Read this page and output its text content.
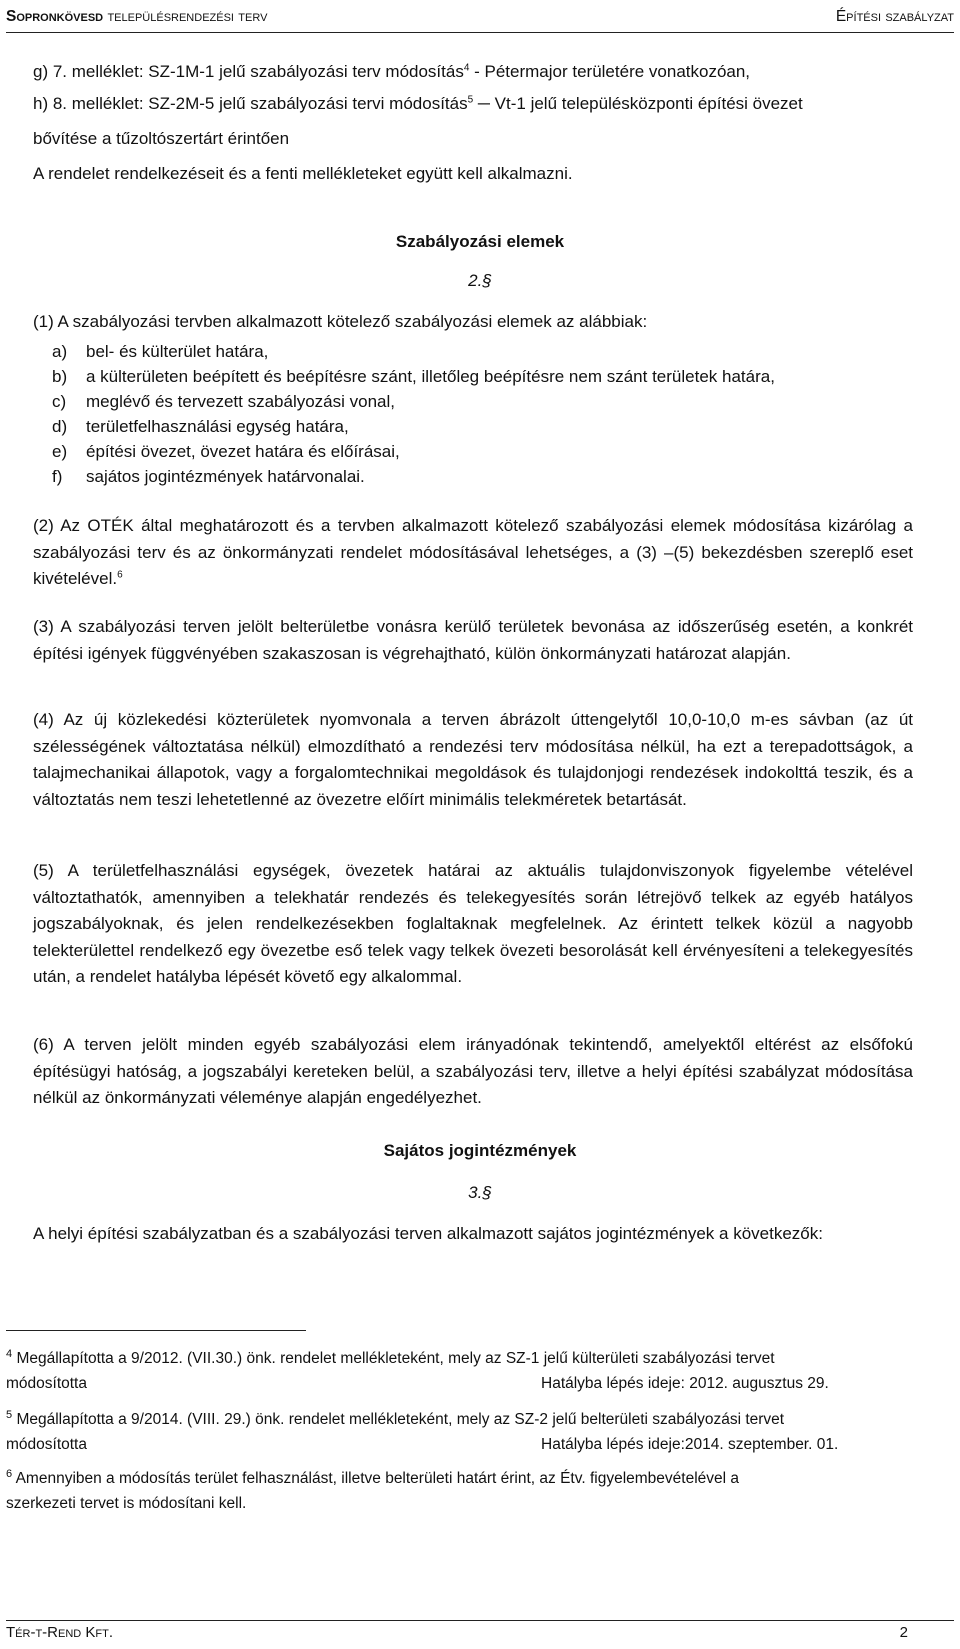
Sopronkövesd településrendezési terv	Építési szabályzat
g) 7. melléklet: SZ-1M-1 jelű szabályozási terv módosítás$^4$ - Pétermajor területére vonatkozóan,
h) 8. melléklet: SZ-2M-5 jelű szabályozási tervi módosítás$^5$ ─ Vt-1 jelű településközponti építési övezet
bővítése a tűzoltószertárt érintően
A rendelet rendelkezéseit és a fenti mellékleteket együtt kell alkalmazni.
Szabályozási elemek
2.§
(1) A szabályozási tervben alkalmazott kötelező szabályozási elemek az alábbiak:
a) bel- és külterület határa,
b) a külterületen beépített és beépítésre szánt, illetőleg beépítésre nem szánt területek határa,
c) meglévő és tervezett szabályozási vonal,
d) területfelhasználási egység határa,
e) építési övezet, övezet határa és előírásai,
f) sajátos jogintézmények határvonalai.
(2) Az OTÉK által meghatározott és a tervben alkalmazott kötelező szabályozási elemek módosítása kizárólag a szabályozási terv és az önkormányzati rendelet módosításával lehetséges, a (3) –(5) bekezdésben szereplő eset kivételével.$^6$
(3) A szabályozási terven jelölt belterületbe vonásra kerülő területek bevonása az időszerűség esetén, a konkrét építési igények függvényében szakaszosan is végrehajtható, külön önkormányzati határozat alapján.
(4) Az új közlekedési közterületek nyomvonala a terven ábrázolt úttengelytől 10,0-10,0 m-es sávban (az út szélességének változtatása nélkül) elmozdítható a rendezési terv módosítása nélkül, ha ezt a terepadottságok, a talajmechanikai állapotok, vagy a forgalomtechnikai megoldások és tulajdonjogi rendezések indokolttá teszik, és a változtatás nem teszi lehetetlenné az övezetre előírt minimális telekméretek betartását.
(5) A területfelhasználási egységek, övezetek határai az aktuális tulajdonviszonyok figyelembe vételével változtathatók, amennyiben a telekhatár rendezés és telekegyesítés során létrejövő telkek az egyéb hatályos jogszabályoknak, és jelen rendelkezésekben foglaltaknak megfelelnek. Az érintett telkek közül a nagyobb telekterülettel rendelkező egy övezetbe eső telek vagy telkek övezeti besorolását kell érvényesíteni a telekegyesítés után, a rendelet hatályba lépését követő egy alkalommal.
(6) A terven jelölt minden egyéb szabályozási elem irányadónak tekintendő, amelyektől eltérést az elsőfokú építésügyi hatóság, a jogszabályi kereteken belül, a szabályozási terv, illetve a helyi építési szabályzat módosítása nélkül az önkormányzati véleménye alapján engedélyezhet.
Sajátos jogintézmények
3.§
A helyi építési szabályzatban és a szabályozási terven alkalmazott sajátos jogintézmények a következők:
$^4$ Megállapította a 9/2012. (VII.30.) önk. rendelet mellékleteként, mely az SZ-1 jelű külterületi szabályozási tervet
módosította	Hatályba lépés ideje: 2012. augusztus 29.
$^5$ Megállapította a 9/2014. (VIII. 29.) önk. rendelet mellékleteként, mely az SZ-2 jelű belterületi szabályozási tervet
módosította	Hatályba lépés ideje:2014. szeptember. 01.
$^6$ Amennyiben a módosítás terület felhasználást, illetve belterületi határt érint, az Étv. figyelembevételével a
szerkezeti tervet is módosítani kell.
Tér-t-Rend Kft.	2
